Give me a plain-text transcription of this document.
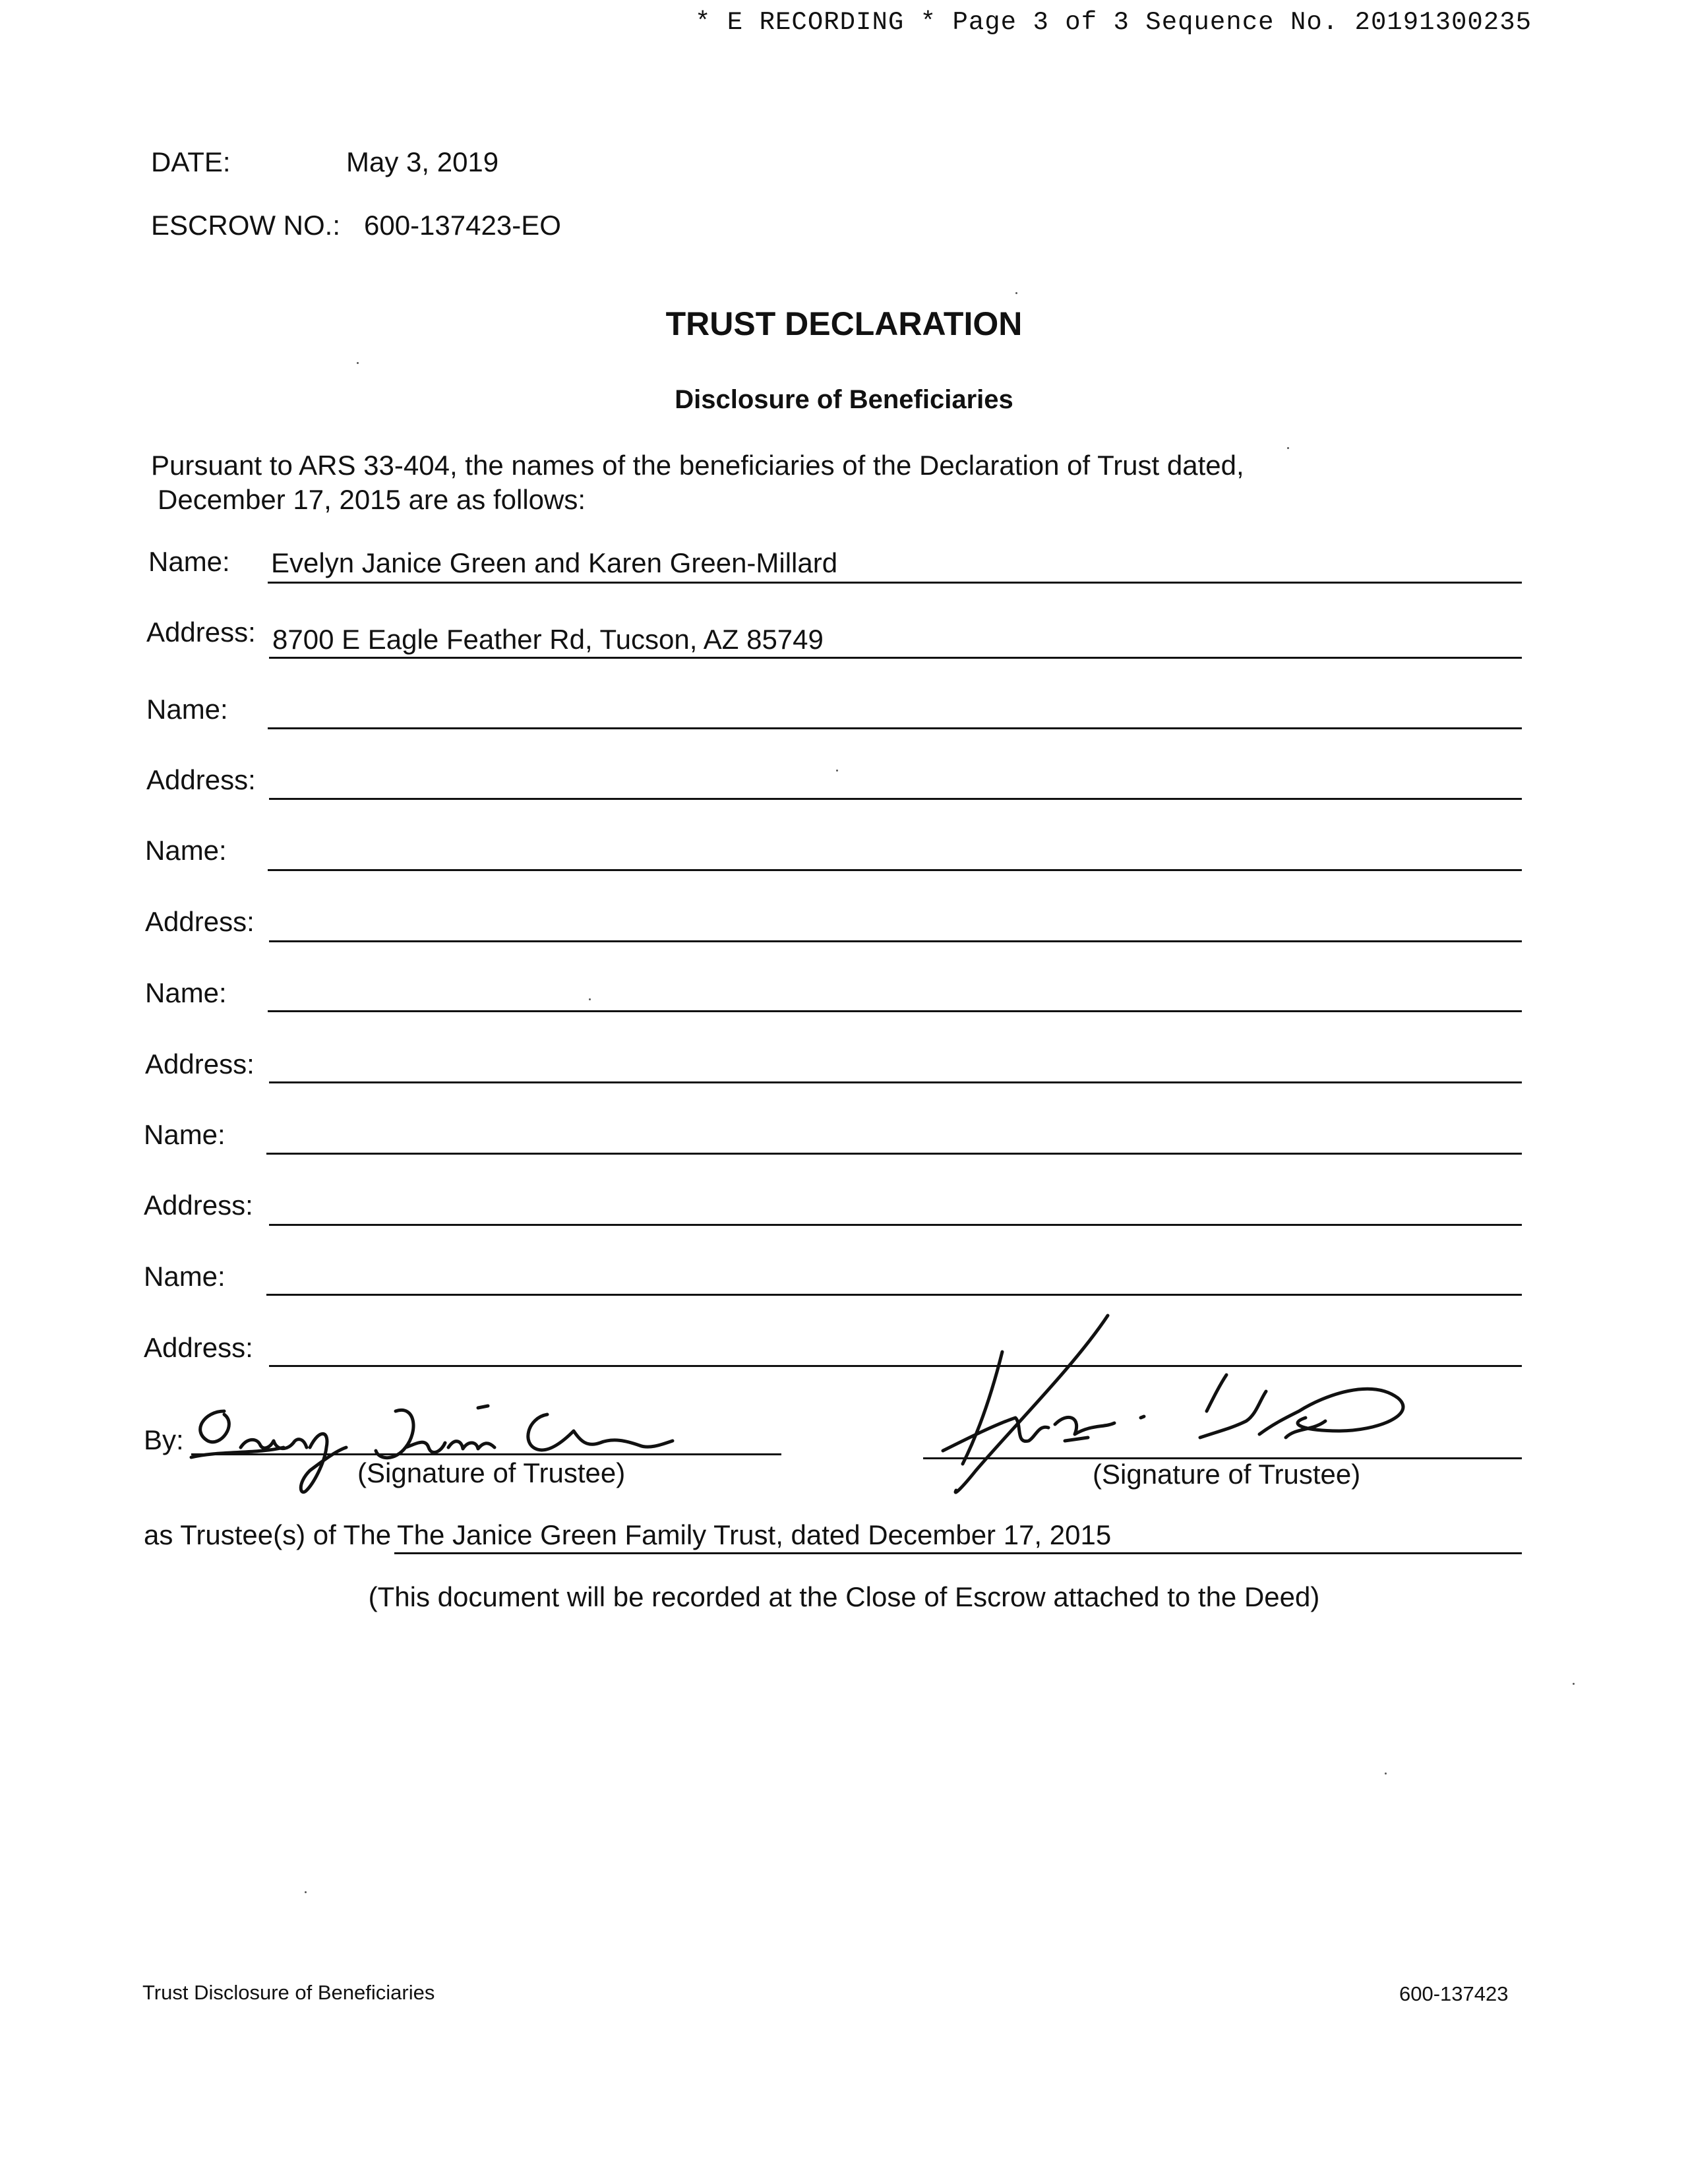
* E RECORDING * Page 3 of 3 Sequence No. 20191300235
DATE:	May 3, 2019
ESCROW NO.: 600-137423-EO
TRUST DECLARATION
Disclosure of Beneficiaries
Pursuant to ARS 33-404, the names of the beneficiaries of the Declaration of Trust dated,
December 17, 2015 are as follows:
Name: Evelyn Janice Green and Karen Green-Millard
Address: 8700 E Eagle Feather Rd, Tucson, AZ 85749
Name:
Address:
Name:
Address:
Name:
Address:
Name:
Address:
Name:
Address:
By:
(Signature of Trustee)	(Signature of Trustee)
as Trustee(s) of The The Janice Green Family Trust, dated December 17, 2015
(This document will be recorded at the Close of Escrow attached to the Deed)
Trust Disclosure of Beneficiaries	600-137423
